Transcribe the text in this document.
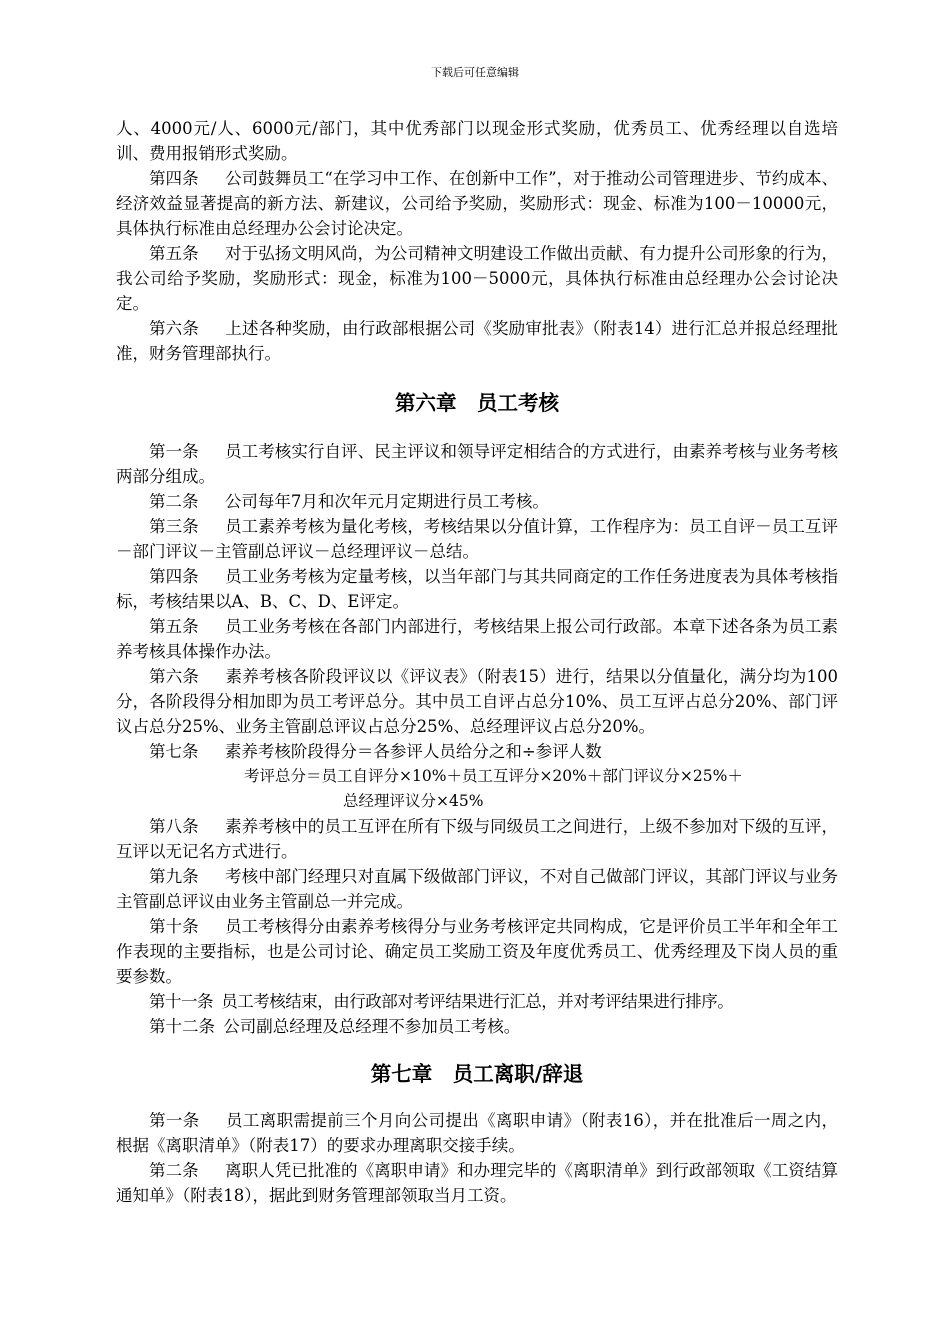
下载后可任意编辑

人、4000元/人、6000元/部门，其中优秀部门以现金形式奖励，优秀员工、优秀经理以自选培训、费用报销形式奖励。

第四条 公司鼓舞员工“在学习中工作、在创新中工作”，对于推动公司管理进步、节约成本、经济效益显著提高的新方法、新建议，公司给予奖励，奖励形式：现金、标准为100－10000元，具体执行标准由总经理办公会讨论决定。

第五条 对于弘扬文明风尚，为公司精神文明建设工作做出贡献、有力提升公司形象的行为，我公司给予奖励，奖励形式：现金，标准为100－5000元，具体执行标准由总经理办公会讨论决定。

第六条 上述各种奖励，由行政部根据公司《奖励审批表》（附表14）进行汇总并报总经理批准，财务管理部执行。

第六章　员工考核

第一条 员工考核实行自评、民主评议和领导评定相结合的方式进行，由素养考核与业务考核两部分组成。

第二条 公司每年7月和次年元月定期进行员工考核。

第三条 员工素养考核为量化考核，考核结果以分值计算，工作程序为：员工自评－员工互评－部门评议－主管副总评议－总经理评议－总结。

第四条 员工业务考核为定量考核，以当年部门与其共同商定的工作任务进度表为具体考核指标，考核结果以A、B、C、D、E评定。

第五条 员工业务考核在各部门内部进行，考核结果上报公司行政部。本章下述各条为员工素养考核具体操作办法。

第六条 素养考核各阶段评议以《评议表》（附表15）进行，结果以分值量化，满分均为100分，各阶段得分相加即为员工考评总分。其中员工自评占总分10%、员工互评占总分20%、部门评议占总分25%、业务主管副总评议占总分25%、总经理评议占总分20%。

第七条 素养考核阶段得分＝各参评人员给分之和÷参评人数

考评总分＝员工自评分×10%＋员工互评分×20%＋部门评议分×25%＋
总经理评议分×45%

第八条 素养考核中的员工互评在所有下级与同级员工之间进行，上级不参加对下级的互评，互评以无记名方式进行。

第九条 考核中部门经理只对直属下级做部门评议，不对自己做部门评议，其部门评议与业务主管副总评议由业务主管副总一并完成。

第十条 员工考核得分由素养考核得分与业务考核评定共同构成，它是评价员工半年和全年工作表现的主要指标，也是公司讨论、确定员工奖励工资及年度优秀员工、优秀经理及下岗人员的重要参数。

第十一条 员工考核结束，由行政部对考评结果进行汇总，并对考评结果进行排序。

第十二条 公司副总经理及总经理不参加员工考核。

第七章　员工离职/辞退

第一条 员工离职需提前三个月向公司提出《离职申请》（附表16），并在批准后一周之内，根据《离职清单》（附表17）的要求办理离职交接手续。

第二条 离职人凭已批准的《离职申请》和办理完毕的《离职清单》到行政部领取《工资结算通知单》（附表18），据此到财务管理部领取当月工资。
